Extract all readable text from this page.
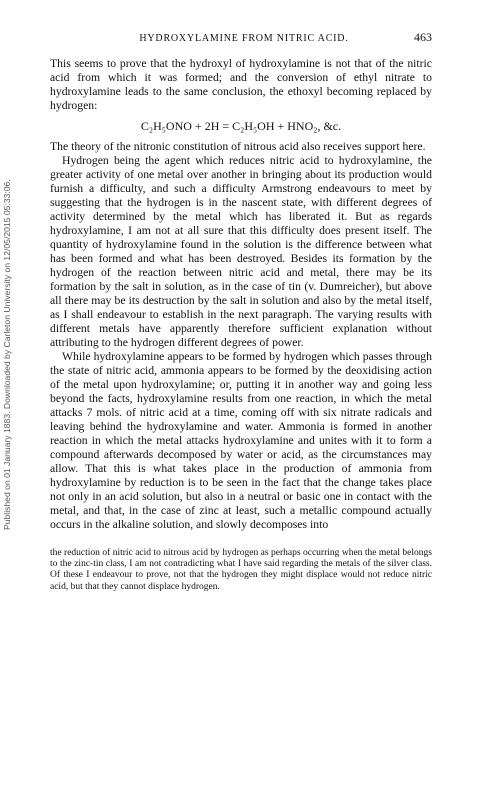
Published on 01 January 1883. Downloaded by Carleton University on 12/05/2015 05:33:06.
HYDROXYLAMINE FROM NITRIC ACID.	463

This seems to prove that the hydroxyl of hydroxylamine is not that of the nitric acid from which it was formed; and the conversion of ethyl nitrate to hydroxylamine leads to the same conclusion, the ethoxyl becoming replaced by hydrogen:

C₂H₅ONO + 2H = C₂H₅OH + HNO₂, &c.

The theory of the nitronic constitution of nitrous acid also receives support here.

Hydrogen being the agent which reduces nitric acid to hydroxylamine, the greater activity of one metal over another in bringing about its production would furnish a difficulty, and such a difficulty Armstrong endeavours to meet by suggesting that the hydrogen is in the nascent state, with different degrees of activity determined by the metal which has liberated it. But as regards hydroxylamine, I am not at all sure that this difficulty does present itself. The quantity of hydroxylamine found in the solution is the difference between what has been formed and what has been destroyed. Besides its formation by the hydrogen of the reaction between nitric acid and metal, there may be its formation by the salt in solution, as in the case of tin (v. Dumreicher), but above all there may be its destruction by the salt in solution and also by the metal itself, as I shall endeavour to establish in the next paragraph. The varying results with different metals have apparently therefore sufficient explanation without attributing to the hydrogen different degrees of power.

While hydroxylamine appears to be formed by hydrogen which passes through the state of nitric acid, ammonia appears to be formed by the deoxidising action of the metal upon hydroxylamine; or, putting it in another way and going less beyond the facts, hydroxylamine results from one reaction, in which the metal attacks 7 mols. of nitric acid at a time, coming off with six nitrate radicals and leaving behind the hydroxylamine and water. Ammonia is formed in another reaction in which the metal attacks hydroxylamine and unites with it to form a compound afterwards decomposed by water or acid, as the circumstances may allow. That this is what takes place in the production of ammonia from hydroxylamine by reduction is to be seen in the fact that the change takes place not only in an acid solution, but also in a neutral or basic one in contact with the metal, and that, in the case of zinc at least, such a metallic compound actually occurs in the alkaline solution, and slowly decomposes into

the reduction of nitric acid to nitrous acid by hydrogen as perhaps occurring when the metal belongs to the zinc-tin class, I am not contradicting what I have said regarding the metals of the silver class. Of these I endeavour to prove, not that the hydrogen they might displace would not reduce nitric acid, but that they cannot displace hydrogen.
